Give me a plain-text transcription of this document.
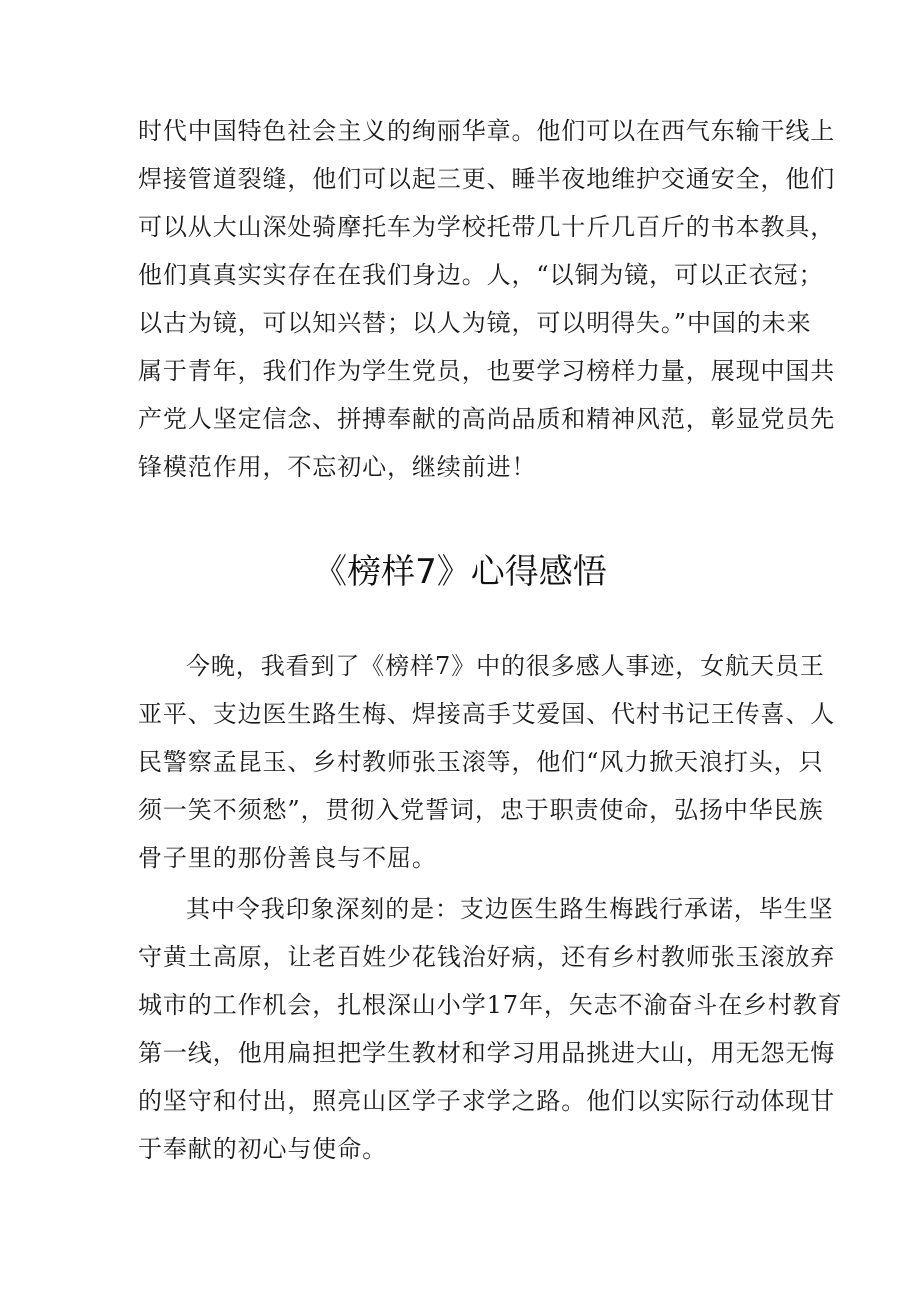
时代中国特色社会主义的绚丽华章。他们可以在西气东输干线上
焊接管道裂缝，他们可以起三更、睡半夜地维护交通安全，他们
可以从大山深处骑摩托车为学校托带几十斤几百斤的书本教具，
他们真真实实存在在我们身边。人，“以铜为镜，可以正衣冠；
以古为镜，可以知兴替；以人为镜，可以明得失。”中国的未来
属于青年，我们作为学生党员，也要学习榜样力量，展现中国共
产党人坚定信念、拼搏奉献的高尚品质和精神风范，彰显党员先
锋模范作用，不忘初心，继续前进！
《榜样7》心得感悟
今晚，我看到了《榜样7》中的很多感人事迹，女航天员王
亚平、支边医生路生梅、焊接高手艾爱国、代村书记王传喜、人
民警察孟昆玉、乡村教师张玉滚等，他们“风力掀天浪打头，只
须一笑不须愁”，贯彻入党誓词，忠于职责使命，弘扬中华民族
骨子里的那份善良与不屈。
其中令我印象深刻的是：支边医生路生梅践行承诺，毕生坚
守黄土高原，让老百姓少花钱治好病，还有乡村教师张玉滚放弃
城市的工作机会，扎根深山小学17年，矢志不渝奋斗在乡村教育
第一线，他用扁担把学生教材和学习用品挑进大山，用无怨无悔
的坚守和付出，照亮山区学子求学之路。他们以实际行动体现甘
于奉献的初心与使命。
